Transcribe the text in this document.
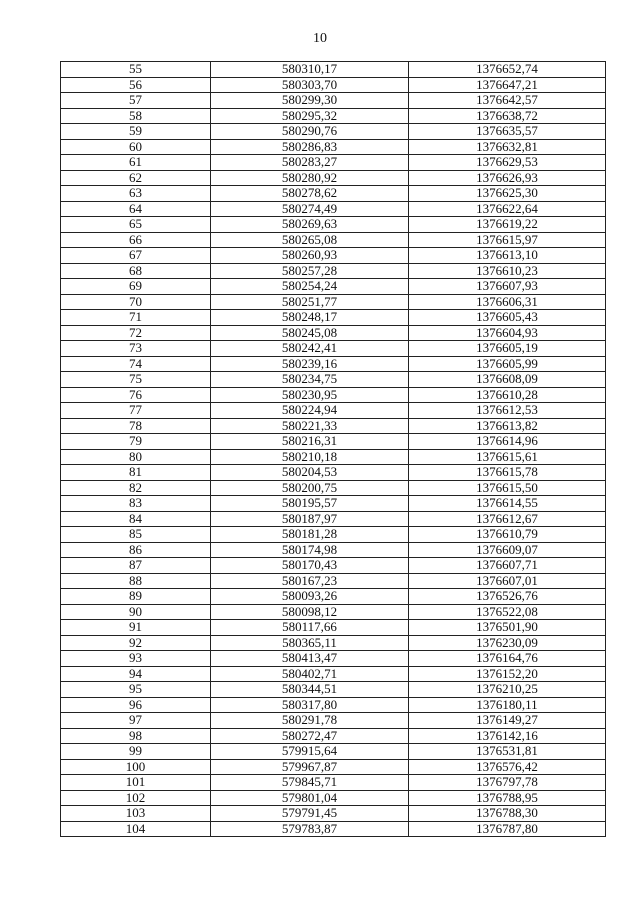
10
55	580310,17	1376652,74
56	580303,70	1376647,21
57	580299,30	1376642,57
58	580295,32	1376638,72
59	580290,76	1376635,57
60	580286,83	1376632,81
61	580283,27	1376629,53
62	580280,92	1376626,93
63	580278,62	1376625,30
64	580274,49	1376622,64
65	580269,63	1376619,22
66	580265,08	1376615,97
67	580260,93	1376613,10
68	580257,28	1376610,23
69	580254,24	1376607,93
70	580251,77	1376606,31
71	580248,17	1376605,43
72	580245,08	1376604,93
73	580242,41	1376605,19
74	580239,16	1376605,99
75	580234,75	1376608,09
76	580230,95	1376610,28
77	580224,94	1376612,53
78	580221,33	1376613,82
79	580216,31	1376614,96
80	580210,18	1376615,61
81	580204,53	1376615,78
82	580200,75	1376615,50
83	580195,57	1376614,55
84	580187,97	1376612,67
85	580181,28	1376610,79
86	580174,98	1376609,07
87	580170,43	1376607,71
88	580167,23	1376607,01
89	580093,26	1376526,76
90	580098,12	1376522,08
91	580117,66	1376501,90
92	580365,11	1376230,09
93	580413,47	1376164,76
94	580402,71	1376152,20
95	580344,51	1376210,25
96	580317,80	1376180,11
97	580291,78	1376149,27
98	580272,47	1376142,16
99	579915,64	1376531,81
100	579967,87	1376576,42
101	579845,71	1376797,78
102	579801,04	1376788,95
103	579791,45	1376788,30
104	579783,87	1376787,80
